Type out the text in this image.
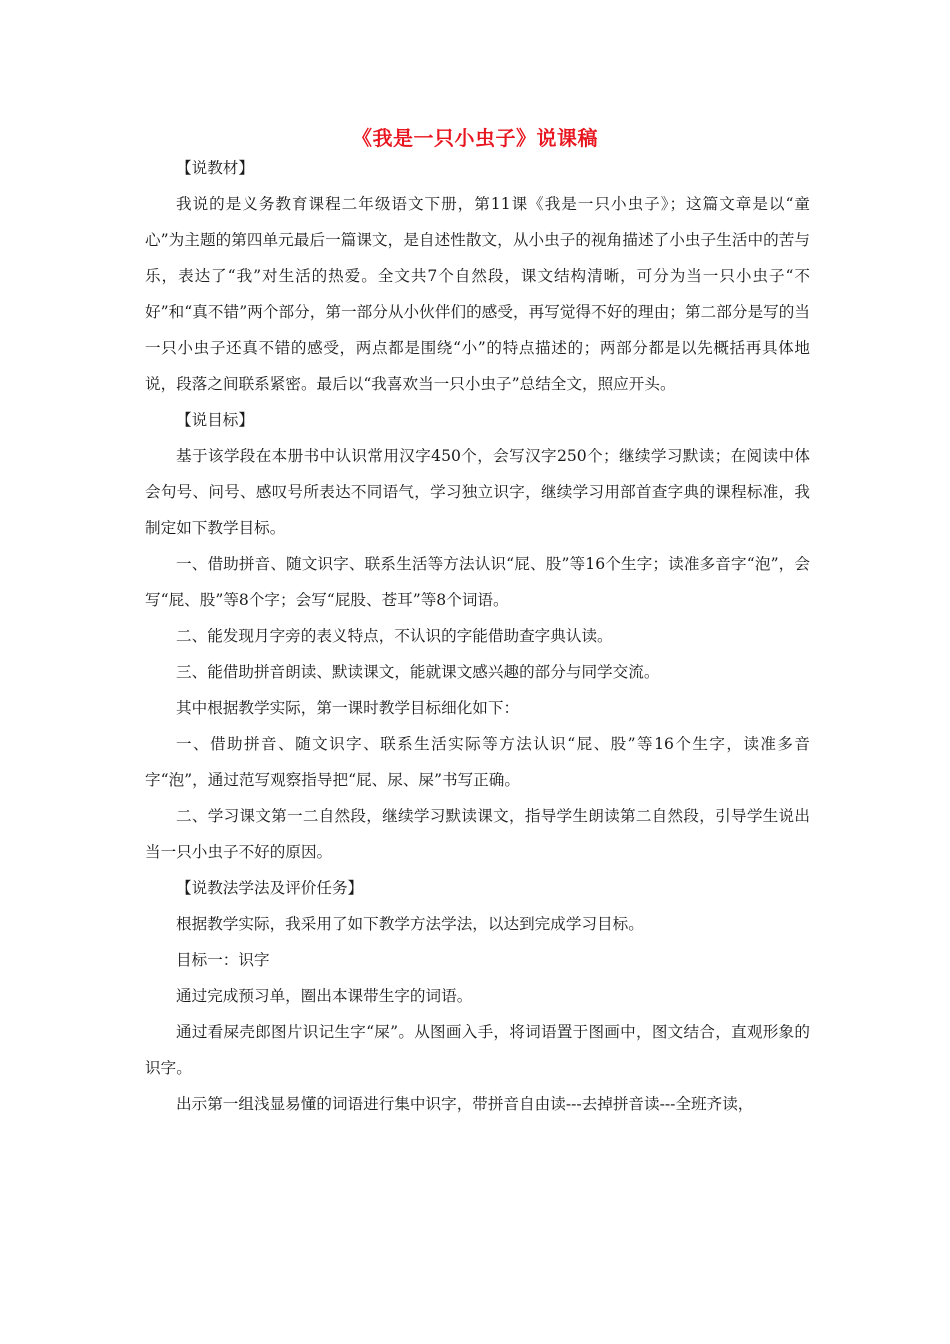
《我是一只小虫子》说课稿

【说教材】

我说的是义务教育课程二年级语文下册，第11课《我是一只小虫子》；这篇文章是以“童心”为主题的第四单元最后一篇课文，是自述性散文，从小虫子的视角描述了小虫子生活中的苦与乐，表达了“我”对生活的热爱。全文共7个自然段，课文结构清晰，可分为当一只小虫子“不好”和“真不错”两个部分，第一部分从小伙伴们的感受，再写觉得不好的理由；第二部分是写的当一只小虫子还真不错的感受，两点都是围绕“小”的特点描述的；两部分都是以先概括再具体地说，段落之间联系紧密。最后以“我喜欢当一只小虫子”总结全文，照应开头。

【说目标】

基于该学段在本册书中认识常用汉字450个，会写汉字250个；继续学习默读；在阅读中体会句号、问号、感叹号所表达不同语气，学习独立识字，继续学习用部首查字典的课程标准，我制定如下教学目标。

一、借助拼音、随文识字、联系生活等方法认识“屁、股”等16个生字；读准多音字“泡”，会写“屁、股”等8个字；会写“屁股、苍耳”等8个词语。

二、能发现月字旁的表义特点，不认识的字能借助查字典认读。

三、能借助拼音朗读、默读课文，能就课文感兴趣的部分与同学交流。

其中根据教学实际，第一课时教学目标细化如下：

一、借助拼音、随文识字、联系生活实际等方法认识“屁、股”等16个生字，读准多音字“泡”，通过范写观察指导把“屁、尿、屎”书写正确。

二、学习课文第一二自然段，继续学习默读课文，指导学生朗读第二自然段，引导学生说出当一只小虫子不好的原因。

【说教法学法及评价任务】

根据教学实际，我采用了如下教学方法学法，以达到完成学习目标。

目标一：识字

通过完成预习单，圈出本课带生字的词语。

通过看屎壳郎图片识记生字“屎”。从图画入手，将词语置于图画中，图文结合，直观形象的识字。

出示第一组浅显易懂的词语进行集中识字，带拼音自由读---去掉拼音读---全班齐读，
